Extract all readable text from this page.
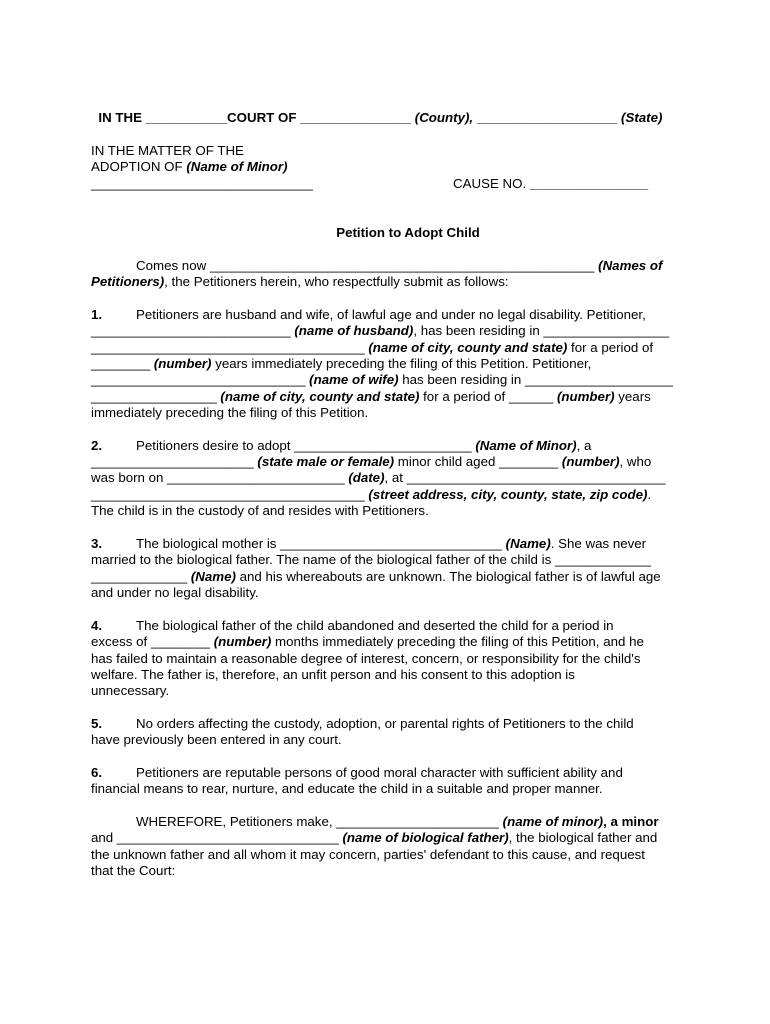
IN THE ___________COURT OF _______________ (County), ___________________ (State)

IN THE MATTER OF THE
ADOPTION OF (Name of Minor)
______________________________	CAUSE NO. ________________
Petition to Adopt Child
Comes now ____________________________________________________ (Names of
Petitioners), the Petitioners herein, who respectfully submit as follows:
1.	Petitioners are husband and wife, of lawful age and under no legal disability. Petitioner,
___________________________ (name of husband), has been residing in _________________
_____________________________________ (name of city, county and state) for a period of
________ (number) years immediately preceding the filing of this Petition. Petitioner,
_____________________________ (name of wife) has been residing in ____________________
_________________ (name of city, county and state) for a period of ______ (number) years
immediately preceding the filing of this Petition.
2.	Petitioners desire to adopt ________________________ (Name of Minor), a
______________________ (state male or female) minor child aged ________ (number), who
was born on ________________________ (date), at ___________________________________
_____________________________________ (street address, city, county, state, zip code).
The child is in the custody of and resides with Petitioners.
3.	The biological mother is ______________________________ (Name). She was never
married to the biological father. The name of the biological father of the child is _____________
_____________ (Name) and his whereabouts are unknown. The biological father is of lawful age
and under no legal disability.
4.	The biological father of the child abandoned and deserted the child for a period in
excess of ________ (number) months immediately preceding the filing of this Petition, and he
has failed to maintain a reasonable degree of interest, concern, or responsibility for the child's
welfare. The father is, therefore, an unfit person and his consent to this adoption is
unnecessary.
5.	No orders affecting the custody, adoption, or parental rights of Petitioners to the child
have previously been entered in any court.
6.	Petitioners are reputable persons of good moral character with sufficient ability and
financial means to rear, nurture, and educate the child in a suitable and proper manner.
WHEREFORE, Petitioners make, ______________________ (name of minor), a minor
and ______________________________ (name of biological father), the biological father and
the unknown father and all whom it may concern, parties' defendant to this cause, and request
that the Court:
